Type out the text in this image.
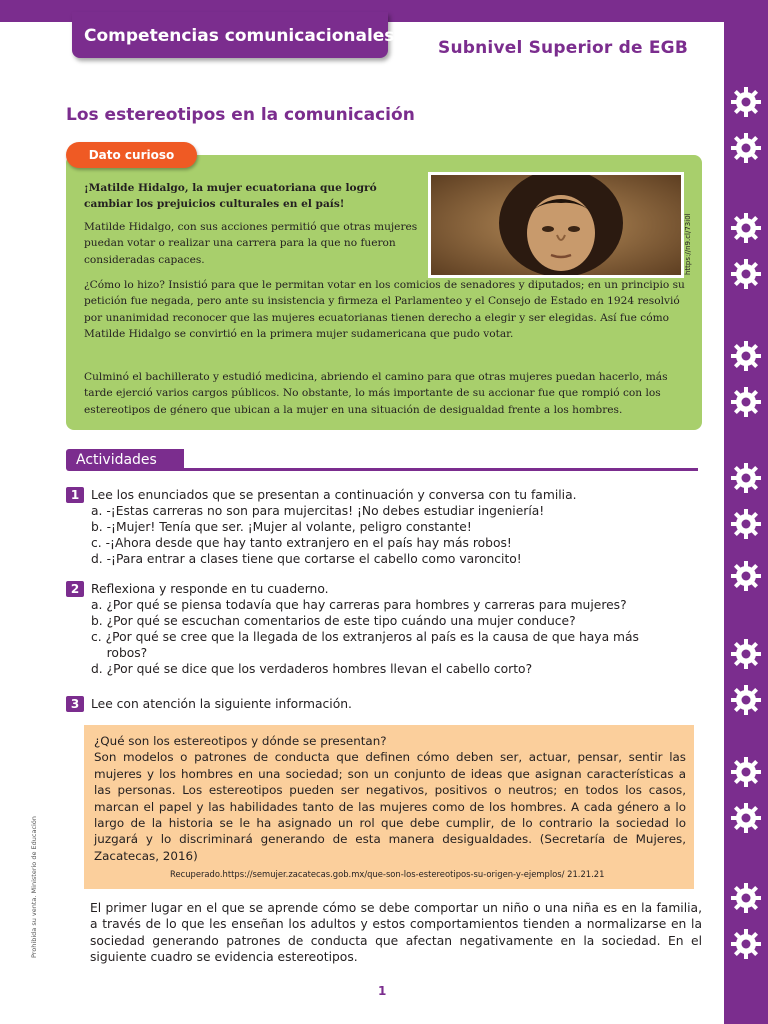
Competencias comunicacionales
Subnivel Superior de EGB
Los estereotipos en la comunicación
Dato curioso
¡Matilde Hidalgo, la mujer ecuatoriana que logró cambiar los prejuicios culturales en el país!
Matilde Hidalgo, con sus acciones permitió que otras mujeres puedan votar o realizar una carrera para la que no fueron consideradas capaces.
¿Cómo lo hizo? Insistió para que le permitan votar en los comicios de senadores y diputados; en un principio su petición fue negada, pero ante su insistencia y firmeza el Parlamenteo y el Consejo de Estado en 1924 resolvió por unanimidad reconocer que las mujeres ecuatorianas tienen derecho a elegir y ser elegidas. Así fue cómo Matilde Hidalgo se convirtió en la primera mujer sudamericana que pudo votar.
Culminó el bachillerato y estudió medicina, abriendo el camino para que otras mujeres puedan hacerlo, más tarde ejerció varios cargos públicos. No obstante, lo más importante de su accionar fue que rompió con los estereotipos de género que ubican a la mujer en una situación de desigualdad frente a los hombres.
https://n9.cl/73i0l
Actividades
1 Lee los enunciados que se presentan a continuación y conversa con tu familia.
a. -¡Estas carreras no son para mujercitas! ¡No debes estudiar ingeniería!
b. -¡Mujer! Tenía que ser. ¡Mujer al volante, peligro constante!
c. -¡Ahora desde que hay tanto extranjero en el país hay más robos!
d. -¡Para entrar a clases tiene que cortarse el cabello como varoncito!
2 Reflexiona y responde en tu cuaderno.
a. ¿Por qué se piensa todavía que hay carreras para hombres y carreras para mujeres?
b. ¿Por qué se escuchan comentarios de este tipo cuándo una mujer conduce?
c. ¿Por qué se cree que la llegada de los extranjeros al país es la causa de que haya más
robos?
d. ¿Por qué se dice que los verdaderos hombres llevan el cabello corto?
3 Lee con atención la siguiente información.
¿Qué son los estereotipos y dónde se presentan?
Son modelos o patrones de conducta que definen cómo deben ser, actuar, pensar, sentir las mujeres y los hombres en una sociedad; son un conjunto de ideas que asignan características a las personas. Los estereotipos pueden ser negativos, positivos o neutros; en todos los casos, marcan el papel y las habilidades tanto de las mujeres como de los hombres. A cada género a lo largo de la historia se le ha asignado un rol que debe cumplir, de lo contrario la sociedad lo juzgará y lo discriminará generando de esta manera desigualdades. (Secretaría de Mujeres, Zacatecas, 2016)
Recuperado.https://semujer.zacatecas.gob.mx/que-son-los-estereotipos-su-origen-y-ejemplos/ 21.21.21
El primer lugar en el que se aprende cómo se debe comportar un niño o una niña es en la familia, a través de lo que les enseñan los adultos y estos comportamientos tienden a normalizarse en la sociedad generando patrones de conducta que afectan negativamente en la sociedad. En el siguiente cuadro se evidencia estereotipos.
Prohibida su venta. Ministerio de Educación
1
